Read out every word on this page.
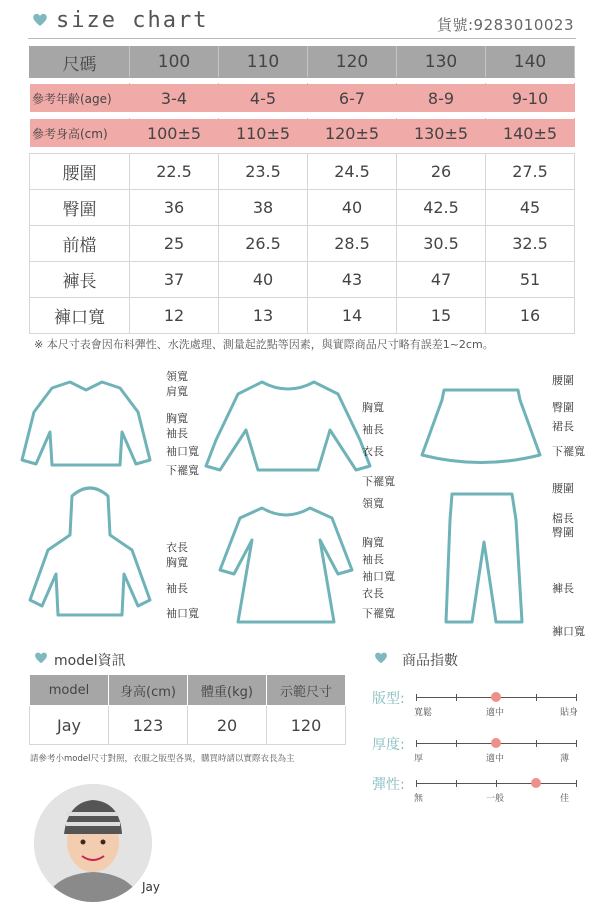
size chart	貨號:9283010023
尺碼	100	110	120	130	140

參考年齡(age)	3-4	4-5	6-7	8-9	9-10

參考身高(cm)	100±5	110±5	120±5	130±5	140±5

腰圍	22.5	23.5	24.5	26	27.5
臀圍	36	38	40	42.5	45
前檔	25	26.5	28.5	30.5	32.5
褲長	37	40	43	47	51
褲口寬	12	13	14	15	16
※ 本尺寸表會因布料彈性、水洗處理、測量起訖點等因素，與實際商品尺寸略有誤差1~2cm。
領寬
肩寬
胸寬
袖長
袖口寬
下襬寬
胸寬
袖長
衣長
下襬寬
腰圍
臀圍
裙長
下襬寬
衣長
胸寬
袖長
袖口寬
領寬
胸寬
袖長
袖口寬
衣長
下襬寬
腰圍
檔長
臀圍
褲長
褲口寬
model資訊
model	身高(cm)	體重(kg)	示範尺寸
Jay	123	20	120
請參考小model尺寸對照，衣服之版型各異，購買時請以實際衣長為主
Jay
商品指數
版型:
寬鬆	適中	貼身
厚度:
厚	適中	薄
彈性:
無	一般	佳
